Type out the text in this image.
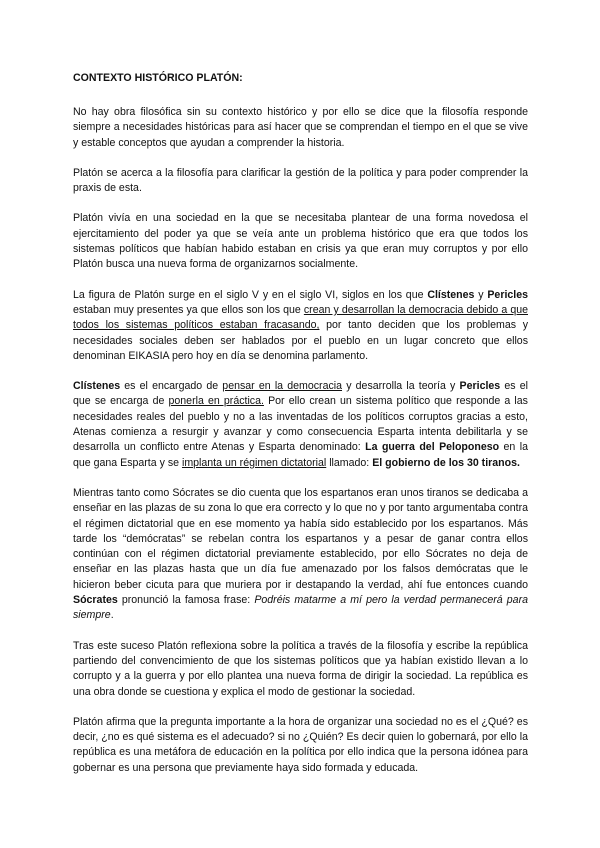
CONTEXTO HISTÓRICO PLATÓN:

No hay obra filosófica sin su contexto histórico y por ello se dice que la filosofía responde siempre a necesidades históricas para así hacer que se comprendan el tiempo en el que se vive y estable conceptos que ayudan a comprender la historia.

Platón se acerca a la filosofía para clarificar la gestión de la política y para poder comprender la praxis de esta.

Platón vivía en una sociedad en la que se necesitaba plantear de una forma novedosa el ejercitamiento del poder ya que se veía ante un problema histórico que era que todos los sistemas políticos que habían habido estaban en crisis ya que eran muy corruptos y por ello Platón busca una nueva forma de organizarnos socialmente.

La figura de Platón surge en el siglo V y en el siglo VI, siglos en los que Clístenes y Pericles estaban muy presentes ya que ellos son los que crean y desarrollan la democracia debido a que todos los sistemas políticos estaban fracasando, por tanto deciden que los problemas y necesidades sociales deben ser hablados por el pueblo en un lugar concreto que ellos denominan EIKASIA pero hoy en día se denomina parlamento.

Clístenes es el encargado de pensar en la democracia y desarrolla la teoría y Pericles es el que se encarga de ponerla en práctica. Por ello crean un sistema político que responde a las necesidades reales del pueblo y no a las inventadas de los políticos corruptos gracias a esto, Atenas comienza a resurgir y avanzar y como consecuencia Esparta intenta debilitarla y se desarrolla un conflicto entre Atenas y Esparta denominado: La guerra del Peloponeso en la que gana Esparta y se implanta un régimen dictatorial llamado: El gobierno de los 30 tiranos.

Mientras tanto como Sócrates se dio cuenta que los espartanos eran unos tiranos se dedicaba a enseñar en las plazas de su zona lo que era correcto y lo que no y por tanto argumentaba contra el régimen dictatorial que en ese momento ya había sido establecido por los espartanos. Más tarde los “demócratas” se rebelan contra los espartanos y a pesar de ganar contra ellos continúan con el régimen dictatorial previamente establecido, por ello Sócrates no deja de enseñar en las plazas hasta que un día fue amenazado por los falsos demócratas que le hicieron beber cicuta para que muriera por ir destapando la verdad, ahí fue entonces cuando Sócrates pronunció la famosa frase: Podréis matarme a mí pero la verdad permanecerá para siempre.

Tras este suceso Platón reflexiona sobre la política a través de la filosofía y escribe la república partiendo del convencimiento de que los sistemas políticos que ya habían existido llevan a lo corrupto y a la guerra y por ello plantea una nueva forma de dirigir la sociedad. La república es una obra donde se cuestiona y explica el modo de gestionar la sociedad.

Platón afirma que la pregunta importante a la hora de organizar una sociedad no es el ¿Qué? es decir, ¿no es qué sistema es el adecuado? si no ¿Quién? Es decir quien lo gobernará, por ello la república es una metáfora de educación en la política por ello indica que la persona idónea para gobernar es una persona que previamente haya sido formada y educada.
